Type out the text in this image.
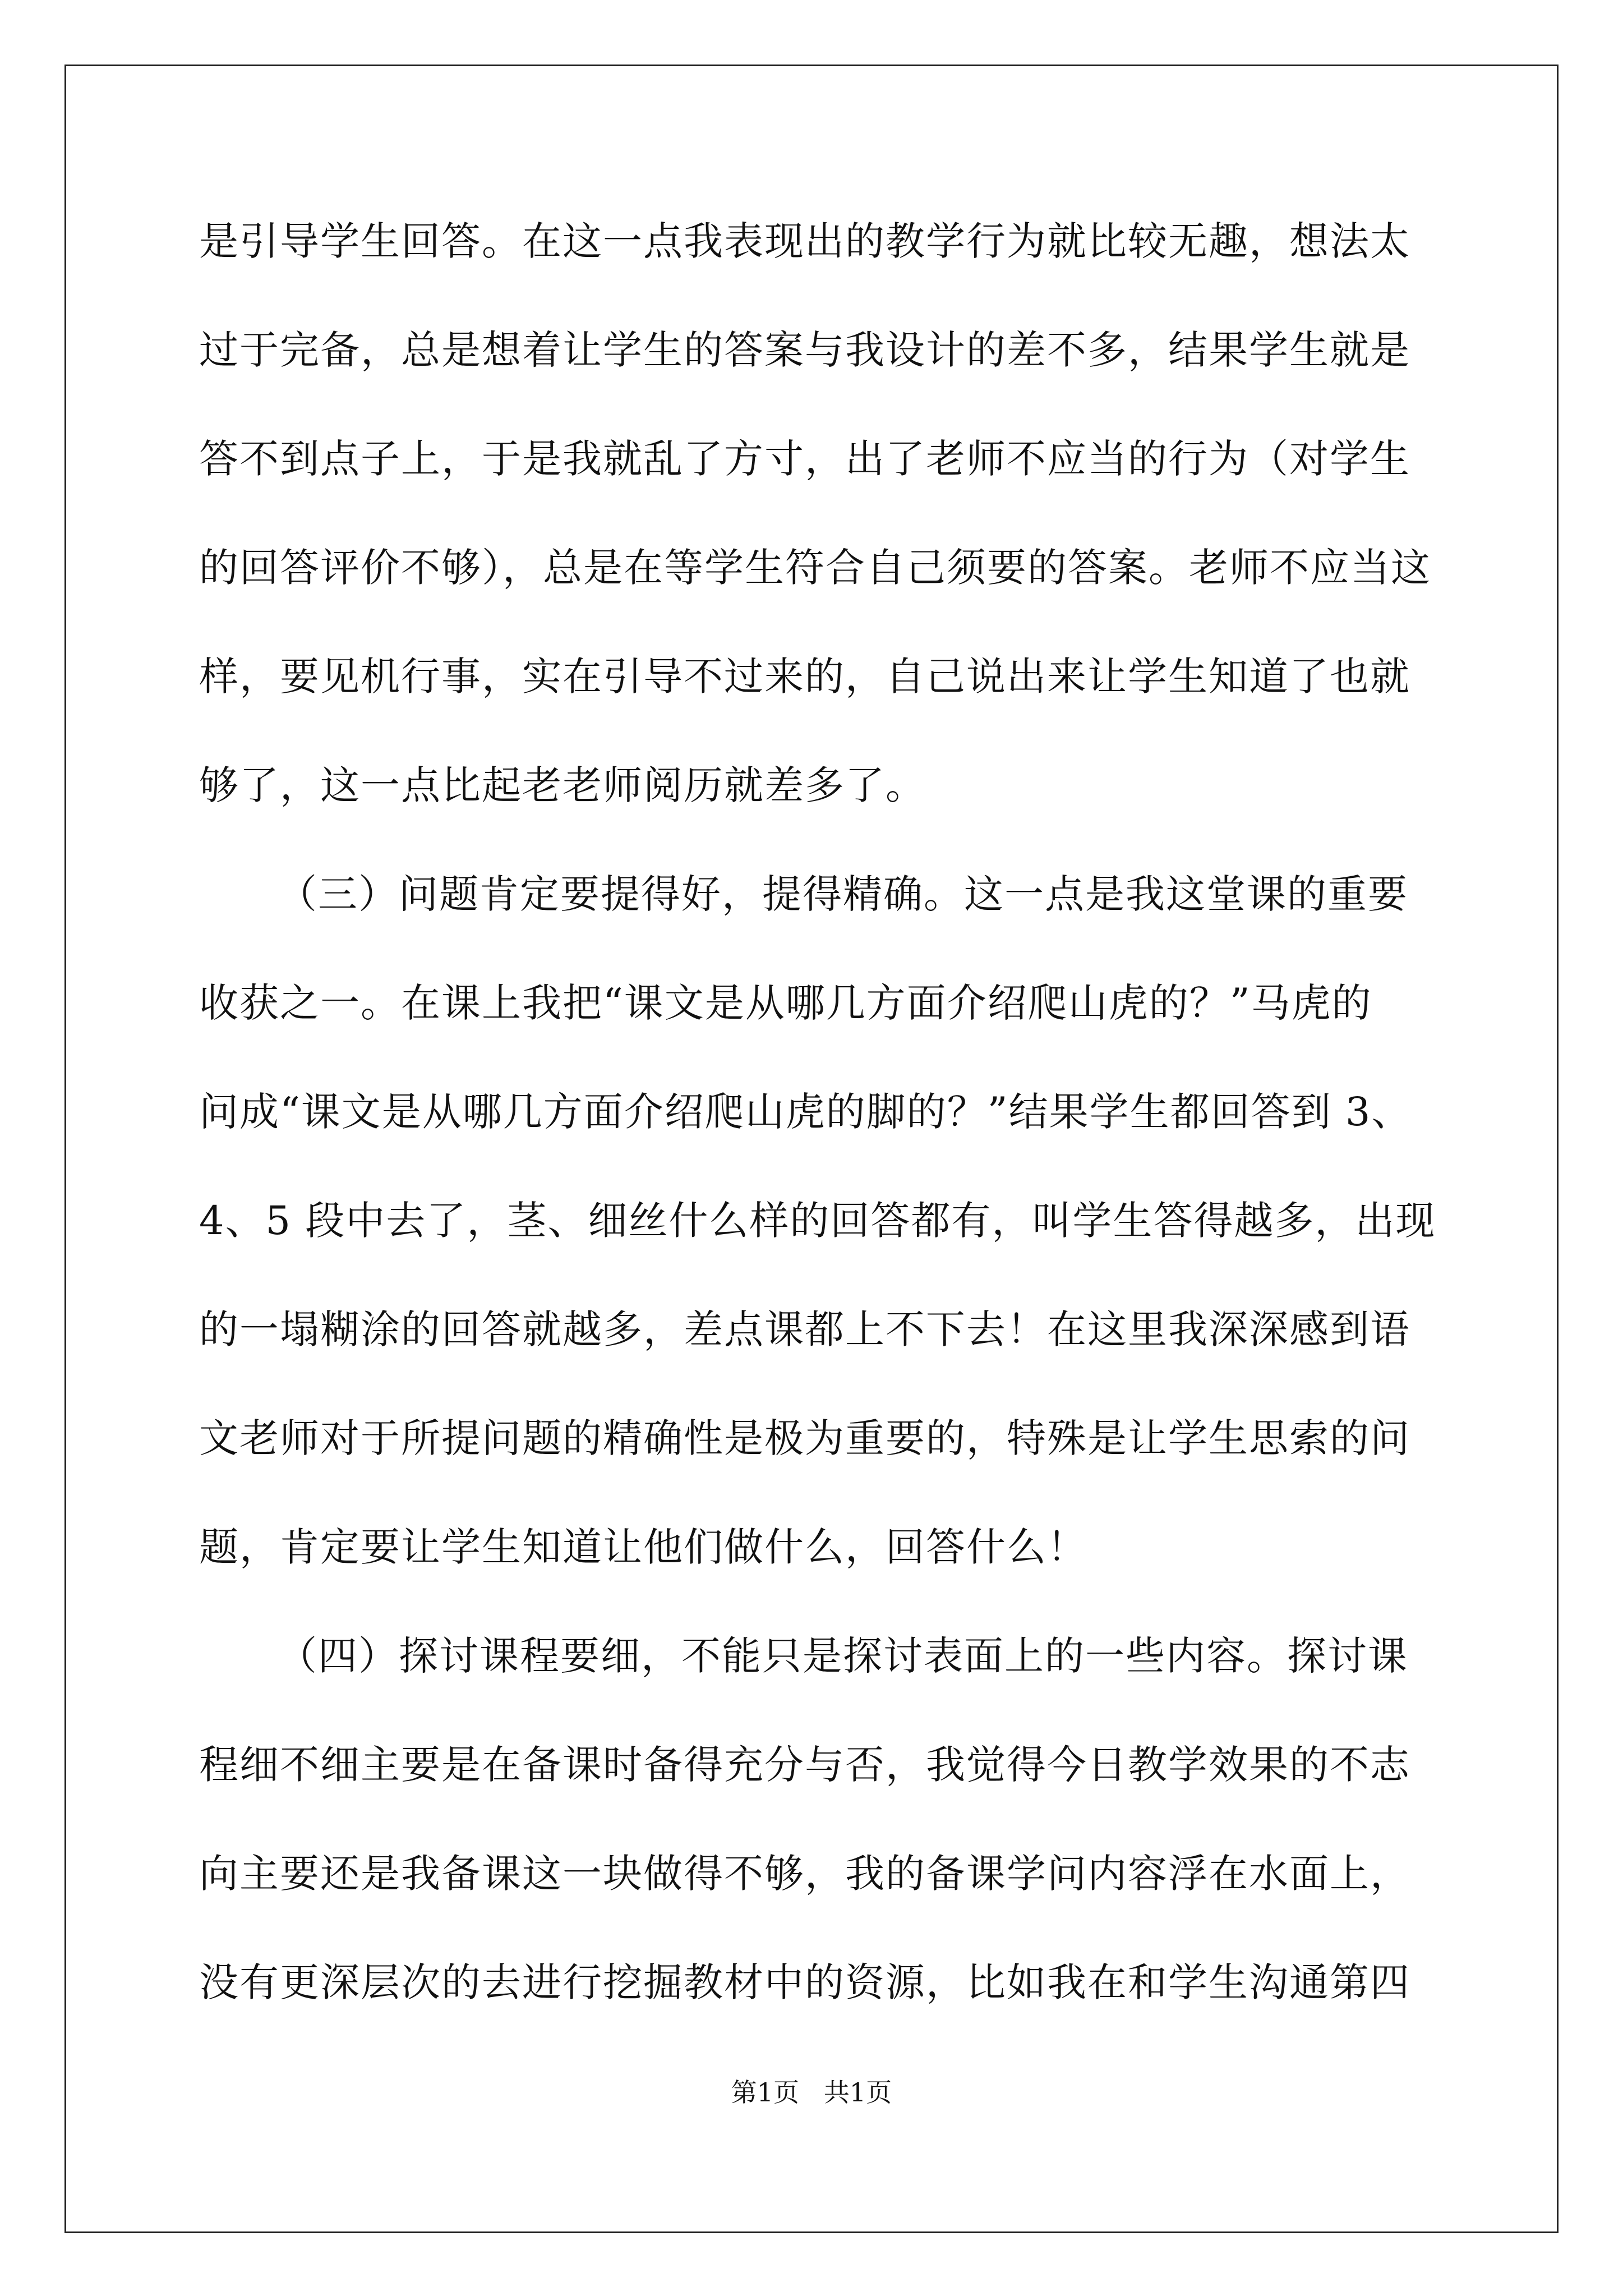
是引导学生回答。在这一点我表现出的教学行为就比较无趣，想法太
过于完备，总是想着让学生的答案与我设计的差不多，结果学生就是
答不到点子上，于是我就乱了方寸，出了老师不应当的行为（对学生
的回答评价不够），总是在等学生符合自己须要的答案。老师不应当这
样，要见机行事，实在引导不过来的，自己说出来让学生知道了也就
够了，这一点比起老老师阅历就差多了。
（三）问题肯定要提得好，提得精确。这一点是我这堂课的重要
收获之一。在课上我把“课文是从哪几方面介绍爬山虎的？”马虎的
问成“课文是从哪几方面介绍爬山虎的脚的？”结果学生都回答到 3、
4、5 段中去了，茎、细丝什么样的回答都有，叫学生答得越多，出现
的一塌糊涂的回答就越多，差点课都上不下去！在这里我深深感到语
文老师对于所提问题的精确性是极为重要的，特殊是让学生思索的问
题，肯定要让学生知道让他们做什么，回答什么！
（四）探讨课程要细，不能只是探讨表面上的一些内容。探讨课
程细不细主要是在备课时备得充分与否，我觉得今日教学效果的不志
向主要还是我备课这一块做得不够，我的备课学问内容浮在水面上，
没有更深层次的去进行挖掘教材中的资源，比如我在和学生沟通第四
第1页   共1页
